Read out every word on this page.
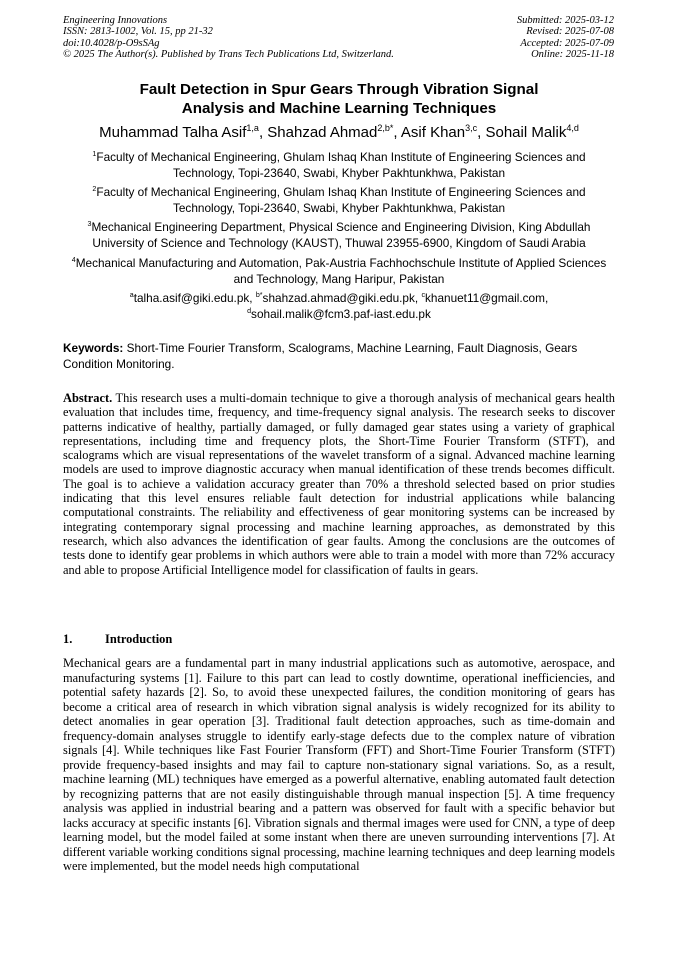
Engineering Innovations
ISSN: 2813-1002, Vol. 15, pp 21-32
doi:10.4028/p-O9sSAg
© 2025 The Author(s). Published by Trans Tech Publications Ltd, Switzerland.
Submitted: 2025-03-12
Revised: 2025-07-08
Accepted: 2025-07-09
Online: 2025-11-18
Fault Detection in Spur Gears Through Vibration Signal
Analysis and Machine Learning Techniques
Muhammad Talha Asif$^{1,a}$, Shahzad Ahmad$^{2,b*}$, Asif Khan$^{3,c}$, Sohail Malik$^{4,d}$
$^1$Faculty of Mechanical Engineering, Ghulam Ishaq Khan Institute of Engineering Sciences and Technology, Topi-23640, Swabi, Khyber Pakhtunkhwa, Pakistan
$^2$Faculty of Mechanical Engineering, Ghulam Ishaq Khan Institute of Engineering Sciences and Technology, Topi-23640, Swabi, Khyber Pakhtunkhwa, Pakistan
$^3$Mechanical Engineering Department, Physical Science and Engineering Division, King Abdullah University of Science and Technology (KAUST), Thuwal 23955-6900, Kingdom of Saudi Arabia
$^4$Mechanical Manufacturing and Automation, Pak-Austria Fachhochschule Institute of Applied Sciences and Technology, Mang Haripur, Pakistan
$^a$talha.asif@giki.edu.pk, $^{b*}$shahzad.ahmad@giki.edu.pk, $^c$khanuet11@gmail.com,
$^d$sohail.malik@fcm3.paf-iast.edu.pk
Keywords: Short-Time Fourier Transform, Scalograms, Machine Learning, Fault Diagnosis, Gears Condition Monitoring.
Abstract. This research uses a multi-domain technique to give a thorough analysis of mechanical gears health evaluation that includes time, frequency, and time-frequency signal analysis. The research seeks to discover patterns indicative of healthy, partially damaged, or fully damaged gear states using a variety of graphical representations, including time and frequency plots, the Short-Time Fourier Transform (STFT), and scalograms which are visual representations of the wavelet transform of a signal. Advanced machine learning models are used to improve diagnostic accuracy when manual identification of these trends becomes difficult. The goal is to achieve a validation accuracy greater than 70% a threshold selected based on prior studies indicating that this level ensures reliable fault detection for industrial applications while balancing computational constraints. The reliability and effectiveness of gear monitoring systems can be increased by integrating contemporary signal processing and machine learning approaches, as demonstrated by this research, which also advances the identification of gear faults. Among the conclusions are the outcomes of tests done to identify gear problems in which authors were able to train a model with more than 72% accuracy and able to propose Artificial Intelligence model for classification of faults in gears.
1.	Introduction
Mechanical gears are a fundamental part in many industrial applications such as automotive, aerospace, and manufacturing systems [1]. Failure to this part can lead to costly downtime, operational inefficiencies, and potential safety hazards [2]. So, to avoid these unexpected failures, the condition monitoring of gears has become a critical area of research in which vibration signal analysis is widely recognized for its ability to detect anomalies in gear operation [3]. Traditional fault detection approaches, such as time-domain and frequency-domain analyses struggle to identify early-stage defects due to the complex nature of vibration signals [4]. While techniques like Fast Fourier Transform (FFT) and Short-Time Fourier Transform (STFT) provide frequency-based insights and may fail to capture non-stationary signal variations. So, as a result, machine learning (ML) techniques have emerged as a powerful alternative, enabling automated fault detection by recognizing patterns that are not easily distinguishable through manual inspection [5]. A time frequency analysis was applied in industrial bearing and a pattern was observed for fault with a specific behavior but lacks accuracy at specific instants [6]. Vibration signals and thermal images were used for CNN, a type of deep learning model, but the model failed at some instant when there are uneven surrounding interventions [7]. At different variable working conditions signal processing, machine learning techniques and deep learning models were implemented, but the model needs high computational
